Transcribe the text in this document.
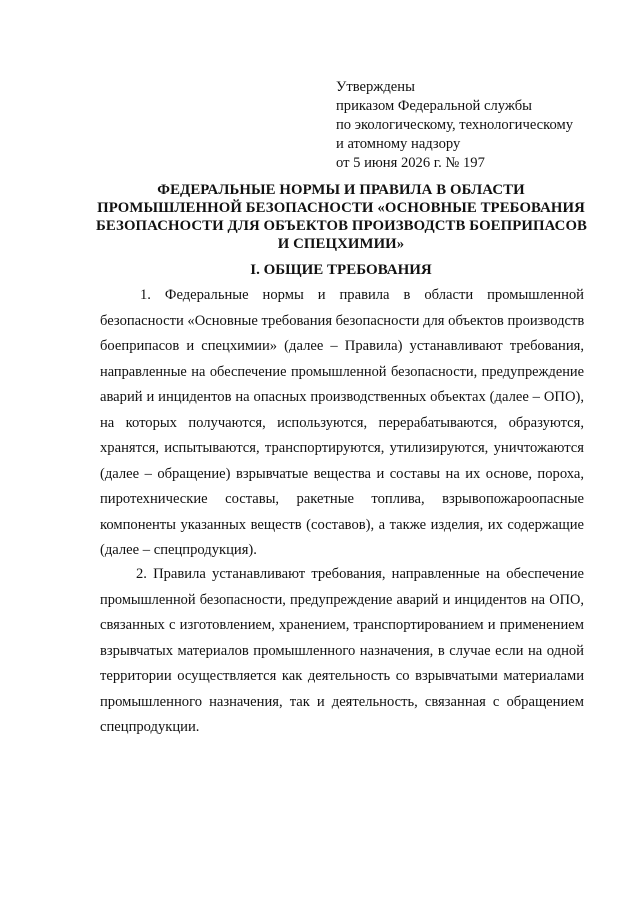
Утверждены
приказом Федеральной службы
по экологическому, технологическому
и атомному надзору
от 5 июня 2026 г. № 197
ФЕДЕРАЛЬНЫЕ НОРМЫ И ПРАВИЛА В ОБЛАСТИ
ПРОМЫШЛЕННОЙ БЕЗОПАСНОСТИ «ОСНОВНЫЕ ТРЕБОВАНИЯ
БЕЗОПАСНОСТИ ДЛЯ ОБЪЕКТОВ ПРОИЗВОДСТВ БОЕПРИПАСОВ
И СПЕЦХИМИИ»
I. ОБЩИЕ ТРЕБОВАНИЯ
1. Федеральные нормы и правила в области промышленной
безопасности «Основные требования безопасности для объектов производств
боеприпасов и спецхимии» (далее – Правила) устанавливают требования,
направленные на обеспечение промышленной безопасности, предупреждение
аварий и инцидентов на опасных производственных объектах (далее – ОПО),
на которых получаются, используются, перерабатываются, образуются,
хранятся, испытываются, транспортируются, утилизируются, уничтожаются
(далее – обращение) взрывчатые вещества и составы на их основе, пороха,
пиротехнические составы, ракетные топлива, взрывопожароопасные
компоненты указанных веществ (составов), а также изделия, их содержащие
(далее – спецпродукция).
2. Правила устанавливают требования, направленные на обеспечение
промышленной безопасности, предупреждение аварий и инцидентов на ОПО,
связанных с изготовлением, хранением, транспортированием и применением
взрывчатых материалов промышленного назначения, в случае если на одной
территории осуществляется как деятельность со взрывчатыми материалами
промышленного назначения, так и деятельность, связанная с обращением
спецпродукции.
